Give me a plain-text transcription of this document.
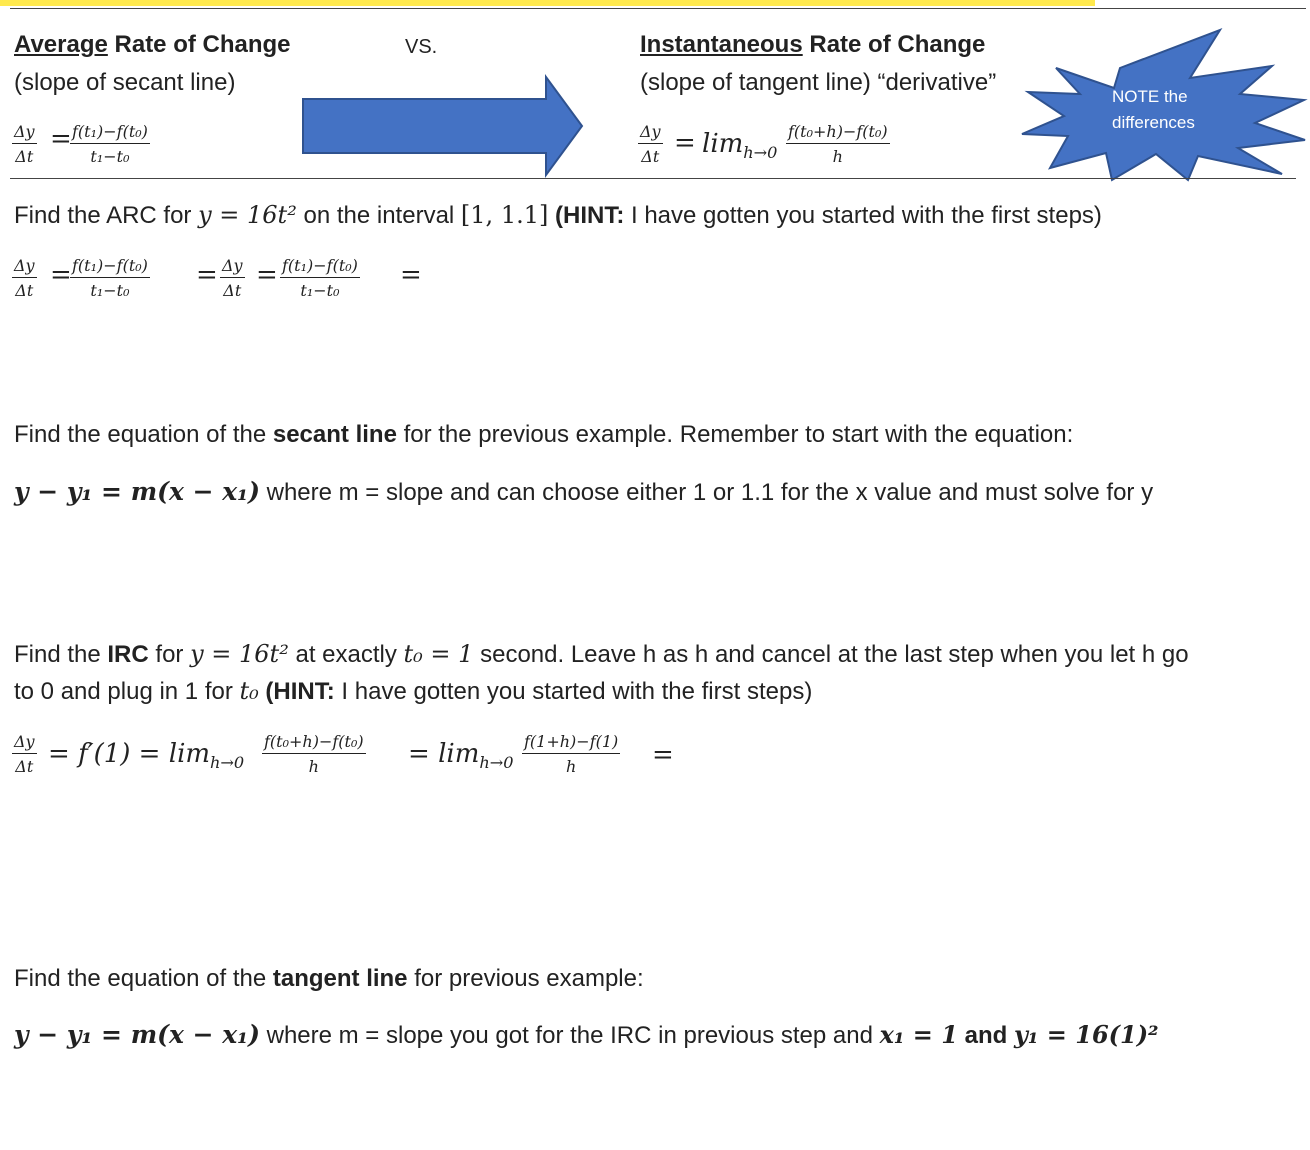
Average Rate of Change
(slope of secant line)
VS.	Instantaneous Rate of Change
(slope of tangent line) “derivative”
NOTE the
differences
$\frac{\Delta y}{\Delta t}$ =
$\frac{\text{f(t₁)−f(t₀)}}{\text{t₁−t₀}}$	$\frac{\Delta y}{\Delta t} = \lim_{h\to 0} \frac{\text{f(t₀+h)−f(t₀)}}{h}$
Find the ARC for y = 16t² on the interval [1, 1.1] (HINT: I have gotten you started with the first steps)
$\frac{\Delta y}{\Delta t}$ =
$\frac{\text{f(t₁)−f(t₀)}}{\text{t₁−t₀}} = \frac{\Delta y}{\Delta t} = \frac{\text{f(t₁)−f(t₀)}}{\text{t₁−t₀}}$ =
Find the equation of the secant line for the previous example. Remember to start with the equation:
y − y₁ = m(x − x₁) where m = slope and can choose either 1 or 1.1 for the x value and must solve for y
Find the IRC for y = 16t² at exactly t₀ = 1 second. Leave h as h and cancel at the last step when you let h go
to 0 and plug in 1 for t₀ (HINT: I have gotten you started with the first steps)
$\frac{\Delta y}{\Delta t} = f'(1) = \lim_{h\to 0} \frac{\text{f(t₀+h)−f(t₀)}}{h} = \lim_{h\to 0} \frac{f(1+h)-f(1)}{h}$ =
Find the equation of the tangent line for previous example:
y − y₁ = m(x − x₁) where m = slope you got for the IRC in previous step and x₁ = 1 and y₁ = 16(1)²
